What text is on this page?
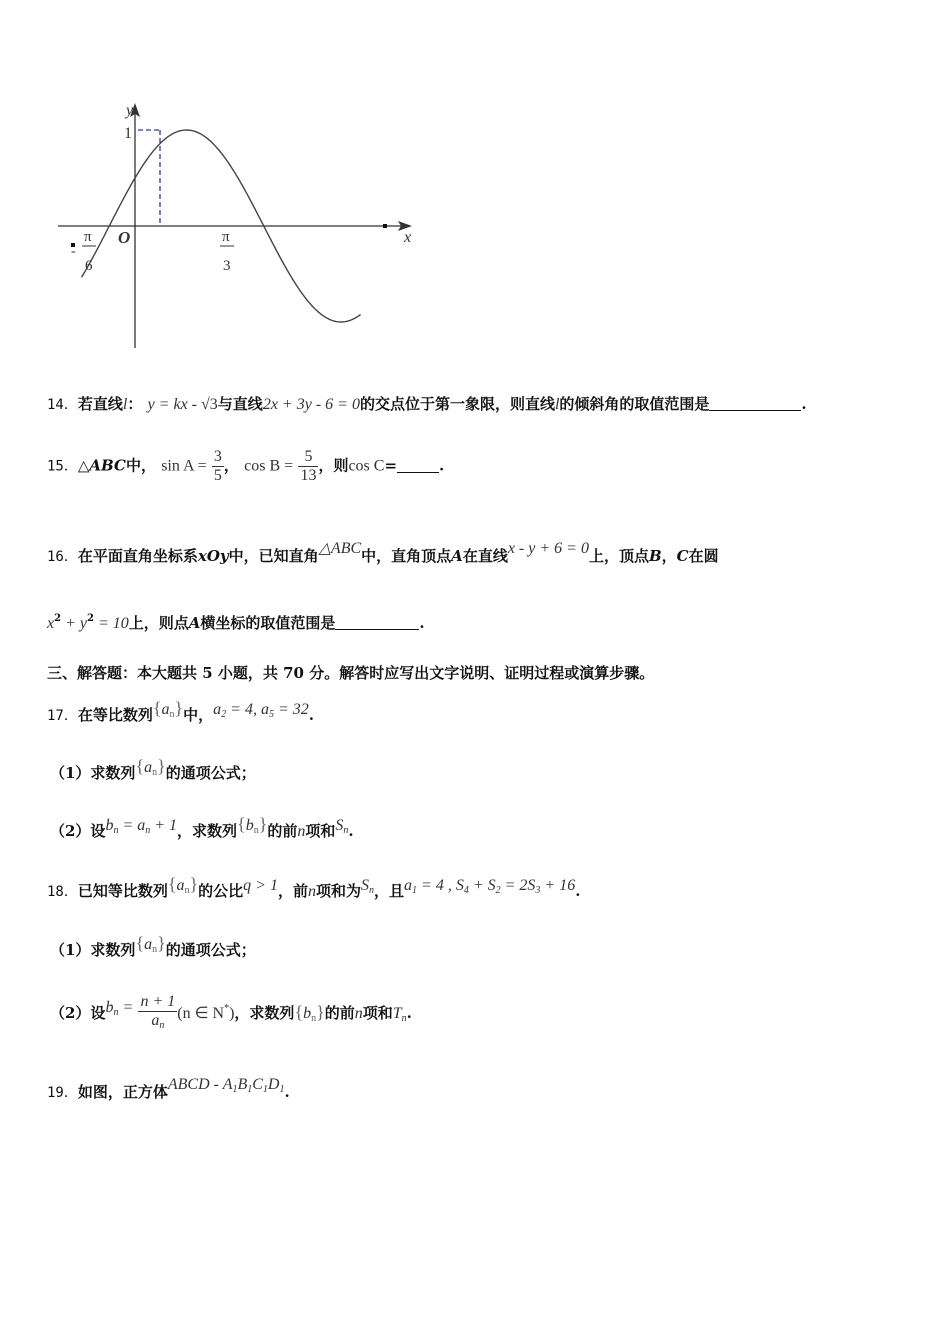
y
1
O	x
-
π
6
π
3
14．若直线l： y = kx - √3与直线2x + 3y - 6 = 0的交点位于第一象限，则直线l的倾斜角的取值范围是	.
15．△ABC中， $\sin A = \frac{3}{5}$ ， $\cos B = \frac{5}{13}$ ，则cos C=	.
16．在平面直角坐标系xOy中，已知直角△ABC中，直角顶点A在直线x - y + 6 = 0上，顶点B，C在圆
$x^2 + y^2 = 10$上，则点A横坐标的取值范围是	.
三、解答题：本大题共 5 小题，共 70 分。解答时应写出文字说明、证明过程或演算步骤。
17．在等比数列$\{a_n\}$中，$a_2 = 4$, $a_5 = 32$.
（1）求数列$\{a_n\}$的通项公式；
（2）设$b_n = a_n + 1$，求数列$\{b_n\}$的前n项和$S_n$.
18．已知等比数列$\{a_n\}$的公比q > 1，前n项和为$S_n$，且$a_1 = 4$ , $S_4 + S_2 = 2S_3 + 16$.
（1）求数列$\{a_n\}$的通项公式；
（2）设$b_n = \frac{n + 1}{a_n} (n$ ∈ N*)，求数列$\{b_n\}$的前n项和$T_n$.
19．如图，正方体ABCD - $A_1B_1C_1D_1$.
